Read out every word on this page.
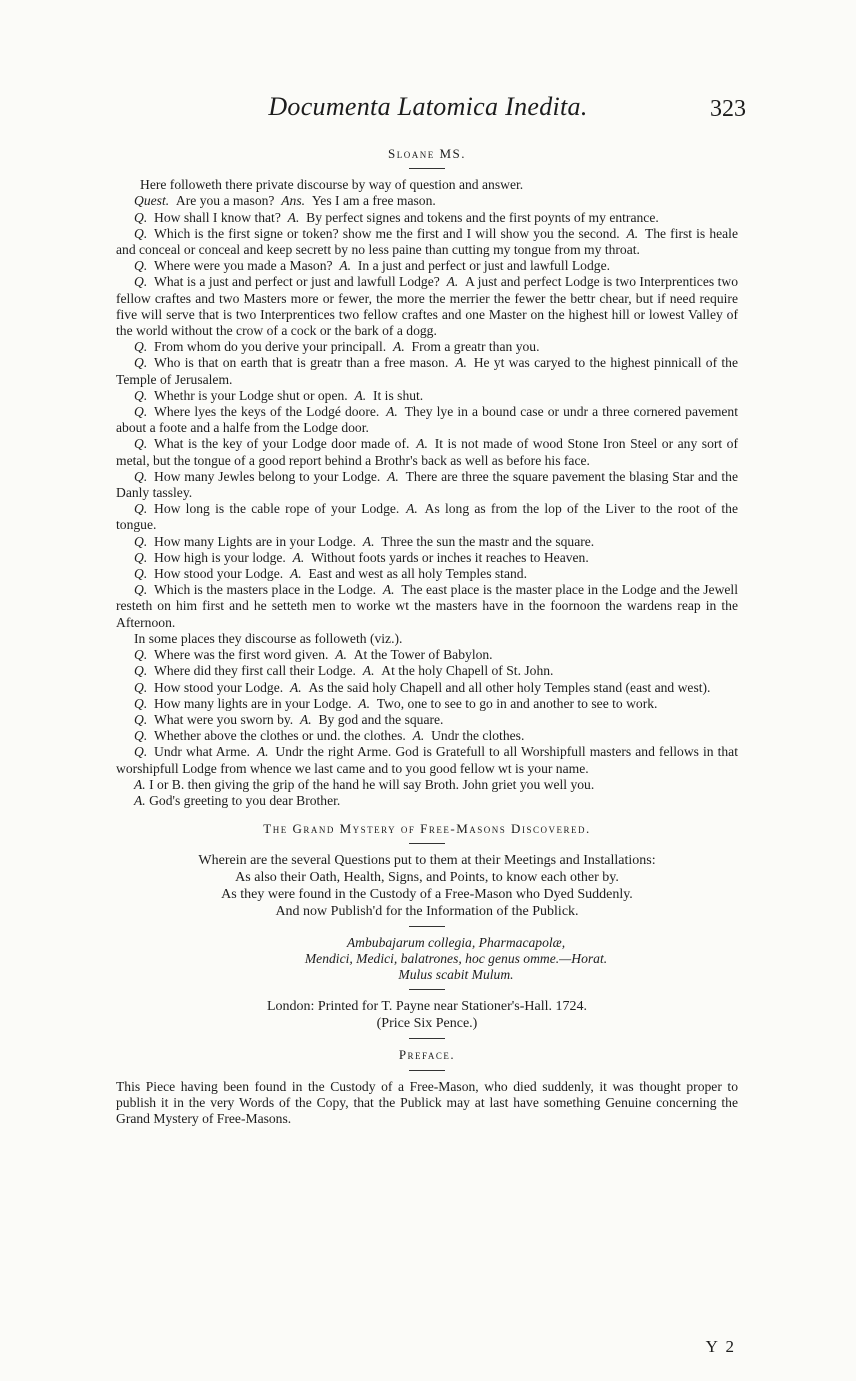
Documenta Latomica Inedita.	323
Sloane MS.

Here followeth there private discourse by way of question and answer.

Quest.  Are you a mason?  Ans.  Yes I am a free mason.

Q.  How shall I know that?  A.  By perfect signes and tokens and the first poynts of my entrance.

Q.  Which is the first signe or token? show me the first and I will show you the second.  A.  The first is heale and conceal or conceal and keep secrett by no less paine than cutting my tongue from my throat.

Q.  Where were you made a Mason?  A.  In a just and perfect or just and lawfull Lodge.

Q.  What is a just and perfect or just and lawfull Lodge?  A.  A just and perfect Lodge is two Interprentices two fellow craftes and two Masters more or fewer, the more the merrier the fewer the bettr chear, but if need require five will serve that is two Interprentices two fellow craftes and one Master on the highest hill or lowest Valley of the world without the crow of a cock or the bark of a dogg.

Q.  From whom do you derive your principall.  A.  From a greatr than you.

Q.  Who is that on earth that is greatr than a free mason.  A.  He yt was caryed to the highest pinnicall of the Temple of Jerusalem.

Q.  Whethr is your Lodge shut or open.  A.  It is shut.

Q.  Where lyes the keys of the Lodgé doore.  A.  They lye in a bound case or undr a three cornered pavement about a foote and a halfe from the Lodge door.

Q.  What is the key of your Lodge door made of.  A.  It is not made of wood Stone Iron Steel or any sort of metal, but the tongue of a good report behind a Brothr's back as well as before his face.

Q.  How many Jewles belong to your Lodge.  A.  There are three the square pavement the blasing Star and the Danly tassley.

Q.  How long is the cable rope of your Lodge.  A.  As long as from the lop of the Liver to the root of the tongue.

Q.  How many Lights are in your Lodge.  A.  Three the sun the mastr and the square.

Q.  How high is your lodge.  A.  Without foots yards or inches it reaches to Heaven.

Q.  How stood your Lodge.  A.  East and west as all holy Temples stand.

Q.  Which is the masters place in the Lodge.  A.  The east place is the master place in the Lodge and the Jewell resteth on him first and he setteth men to worke wt the masters have in the foornoon the wardens reap in the Afternoon.

In some places they discourse as followeth (viz.).

Q.  Where was the first word given.  A.  At the Tower of Babylon.

Q.  Where did they first call their Lodge.  A.  At the holy Chapell of St. John.

Q.  How stood your Lodge.  A.  As the said holy Chapell and all other holy Temples stand (east and west).

Q.  How many lights are in your Lodge.  A.  Two, one to see to go in and another to see to work.

Q.  What were you sworn by.  A.  By god and the square.

Q.  Whether above the clothes or und. the clothes.  A.  Undr the clothes.

Q.  Undr what Arme.  A.  Undr the right Arme. God is Gratefull to all Worshipfull masters and fellows in that worshipfull Lodge from whence we last came and to you good fellow wt is your name.

A. I or B. then giving the grip of the hand he will say Broth. John griet you well you.

A. God's greeting to you dear Brother.

The Grand Mystery of Free-Masons Discovered.
Wherein are the several Questions put to them at their Meetings and Installations:
As also their Oath, Health, Signs, and Points, to know each other by.
As they were found in the Custody of a Free-Mason who Dyed Suddenly.
And now Publish'd for the Information of the Publick.
Ambubajarum collegia, Pharmacapolæ,
Mendici, Medici, balatrones, hoc genus omme.—Horat.
Mulus scabit Mulum.
London: Printed for T. Payne near Stationer's-Hall. 1724.
(Price Six Pence.)
Preface.

This Piece having been found in the Custody of a Free-Mason, who died suddenly, it was thought proper to publish it in the very Words of the Copy, that the Publick may at last have something Genuine concerning the Grand Mystery of Free-Masons.

Y 2
